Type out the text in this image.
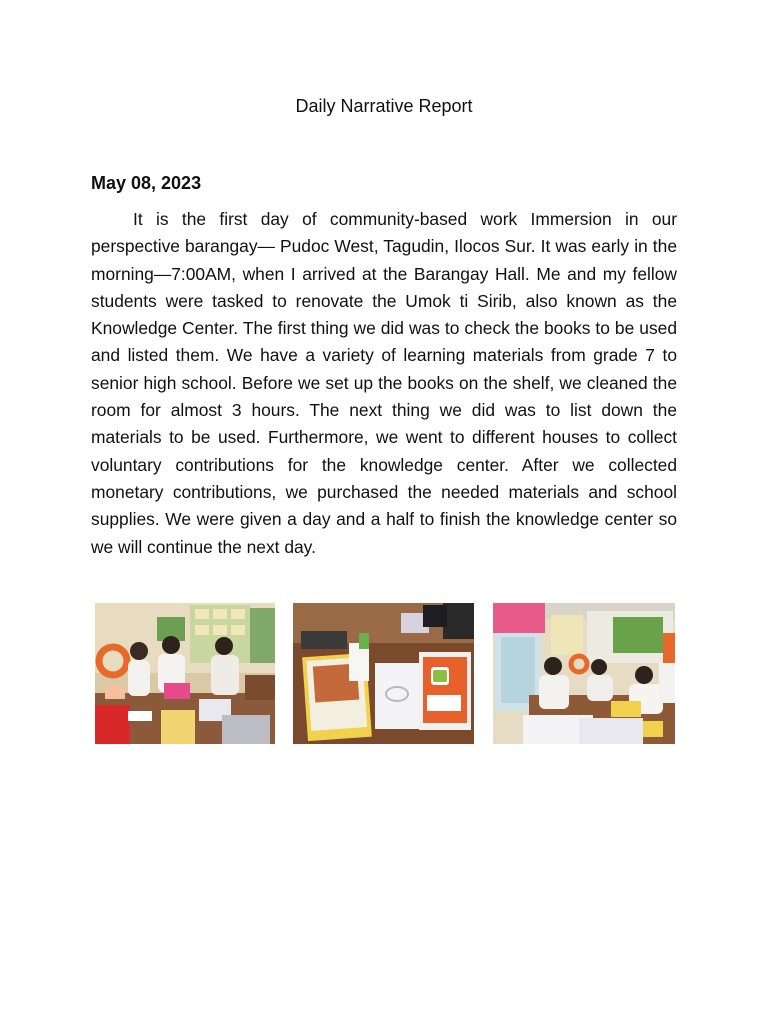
Daily Narrative Report
May 08, 2023

It is the first day of community-based work Immersion in our perspective barangay— Pudoc West, Tagudin, Ilocos Sur. It was early in the morning—7:00AM, when I arrived at the Barangay Hall. Me and my fellow students were tasked to renovate the Umok ti Sirib, also known as the Knowledge Center. The first thing we did was to check the books to be used and listed them. We have a variety of learning materials from grade 7 to senior high school. Before we set up the books on the shelf, we cleaned the room for almost 3 hours. The next thing we did was to list down the materials to be used. Furthermore, we went to different houses to collect voluntary contributions for the knowledge center. After we collected monetary contributions, we purchased the needed materials and school supplies. We were given a day and a half to finish the knowledge center so we will continue the next day.
